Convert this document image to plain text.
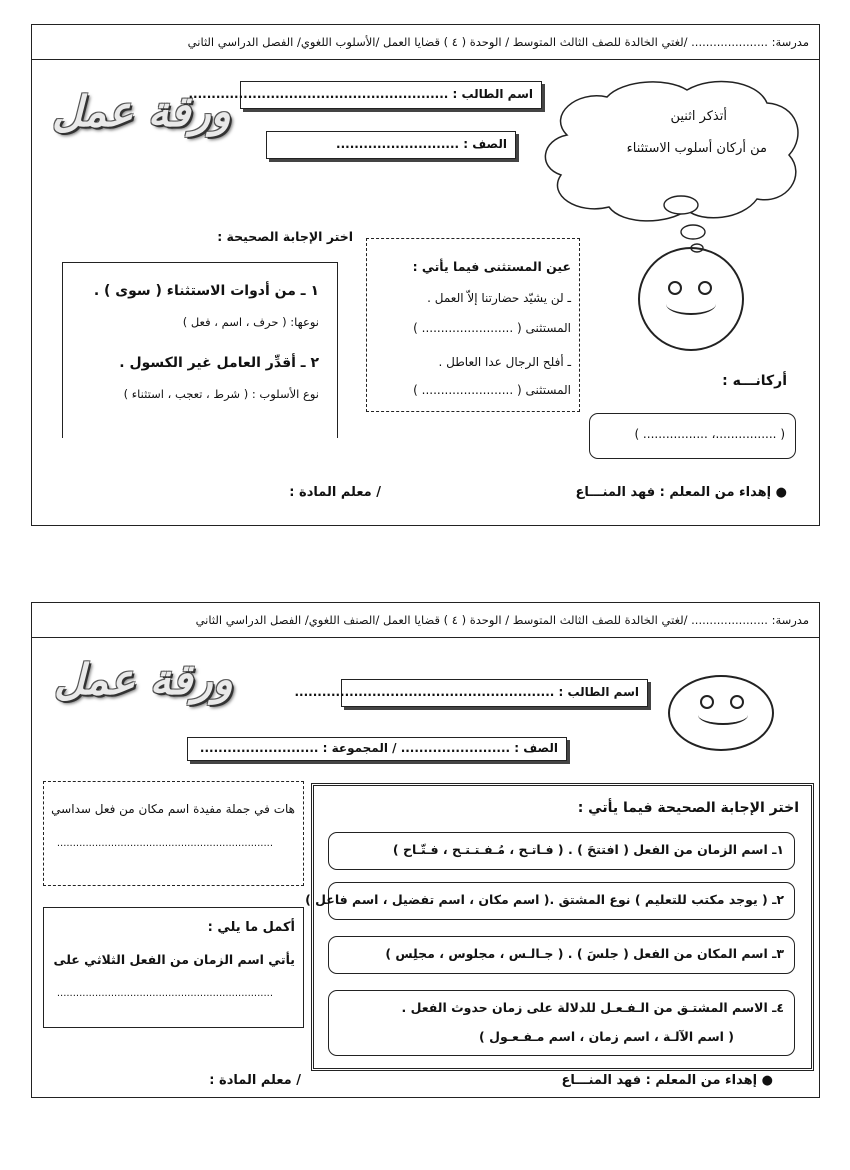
مدرسة: ..................... /لغتي الخالدة للصف الثالث المتوسط / الوحدة ( ٤ ) قضايا العمل /الأسلوب اللغوي/ الفصل الدراسي الثاني
ورقة عمل
اسم الطالب : .........................................................
الصف : ...........................
أتذكر اثنين
من أركان أسلوب الاستثناء
أركانـــه :
( ................، ................. )
عين المستثنى فيما يأتي :
ـ لن يشيّد حضارتنا إلاّ العمل .
المستثنى ( ........................ )
ـ أفلح الرجال عدا العاطل .
المستثنى ( ........................ )
اختر الإجابة الصحيحة :
١ ـ من أدوات الاستثناء ( سوى ) .
نوعها: ( حرف ، اسم ، فعل )
٢ ـ أقدِّر العامل غير الكسول .
نوع الأسلوب : ( شرط ، تعجب ، استثناء )
● إهداء من المعلم : فهد المنـــاع
/ معلم المادة :
مدرسة: ..................... /لغتي الخالدة للصف الثالث المتوسط / الوحدة ( ٤ ) قضايا العمل /الصنف اللغوي/ الفصل الدراسي الثاني
ورقة عمل	اسم الطالب : .........................................................
الصف : ........................ / المجموعة : ..........................
هات في جملة مفيدة اسم مكان من فعل سداسي
....................................................................
أكمل ما يلي :
يأتي اسم الزمان من الفعل الثلاثي على
....................................................................
اختر الإجابة الصحيحة فيما يأتي :
١ـ اسم الزمان من الفعل ( افتتحَ ) . ( فـاتـح ، مُـفـتـتـح ، فـتّـاح )
٢ـ ( يوجد مكتب للتعليم ) نوع المشتق .( اسم مكان ، اسم تفضيل ، اسم فاعل )
٣ـ اسم المكان من الفعل ( جلسَ ) . ( جـالـس ، مجلوس ، مجلِس )
٤ـ الاسم المشتـق من الـفـعـل للدلالة على زمان حدوث الفعل .
( اسم الآلـة ، اسم زمان ، اسم مـفـعـول )
● إهداء من المعلم : فهد المنـــاع
/ معلم المادة :
